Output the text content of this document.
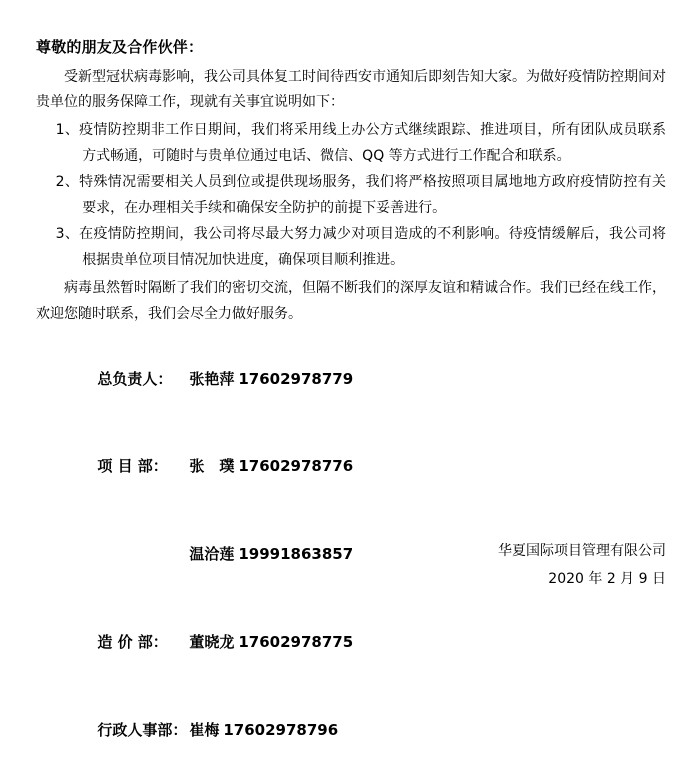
尊敬的朋友及合作伙伴：

受新型冠状病毒影响，我公司具体复工时间待西安市通知后即刻告知大家。为做好疫情防控期间对贵单位的服务保障工作，现就有关事宜说明如下：

1、疫情防控期非工作日期间，我们将采用线上办公方式继续跟踪、推进项目，所有团队成员联系方式畅通，可随时与贵单位通过电话、微信、QQ 等方式进行工作配合和联系。
2、特殊情况需要相关人员到位或提供现场服务，我们将严格按照项目属地地方政府疫情防控有关要求，在办理相关手续和确保安全防护的前提下妥善进行。
3、在疫情防控期间，我公司将尽最大努力减少对项目造成的不利影响。待疫情缓解后，我公司将根据贵单位项目情况加快进度，确保项目顺利推进。

病毒虽然暂时隔断了我们的密切交流，但隔不断我们的深厚友谊和精诚合作。我们已经在线工作，欢迎您随时联系，我们会尽全力做好服务。

总负责人： 张艳萍 17602978779

项 目 部： 张　璞 17602978776

温洽莲 19991863857

造 价 部： 董晓龙 17602978775

行政人事部： 崔梅 17602978796

华夏国际项目管理有限公司
2020 年 2 月 9 日
